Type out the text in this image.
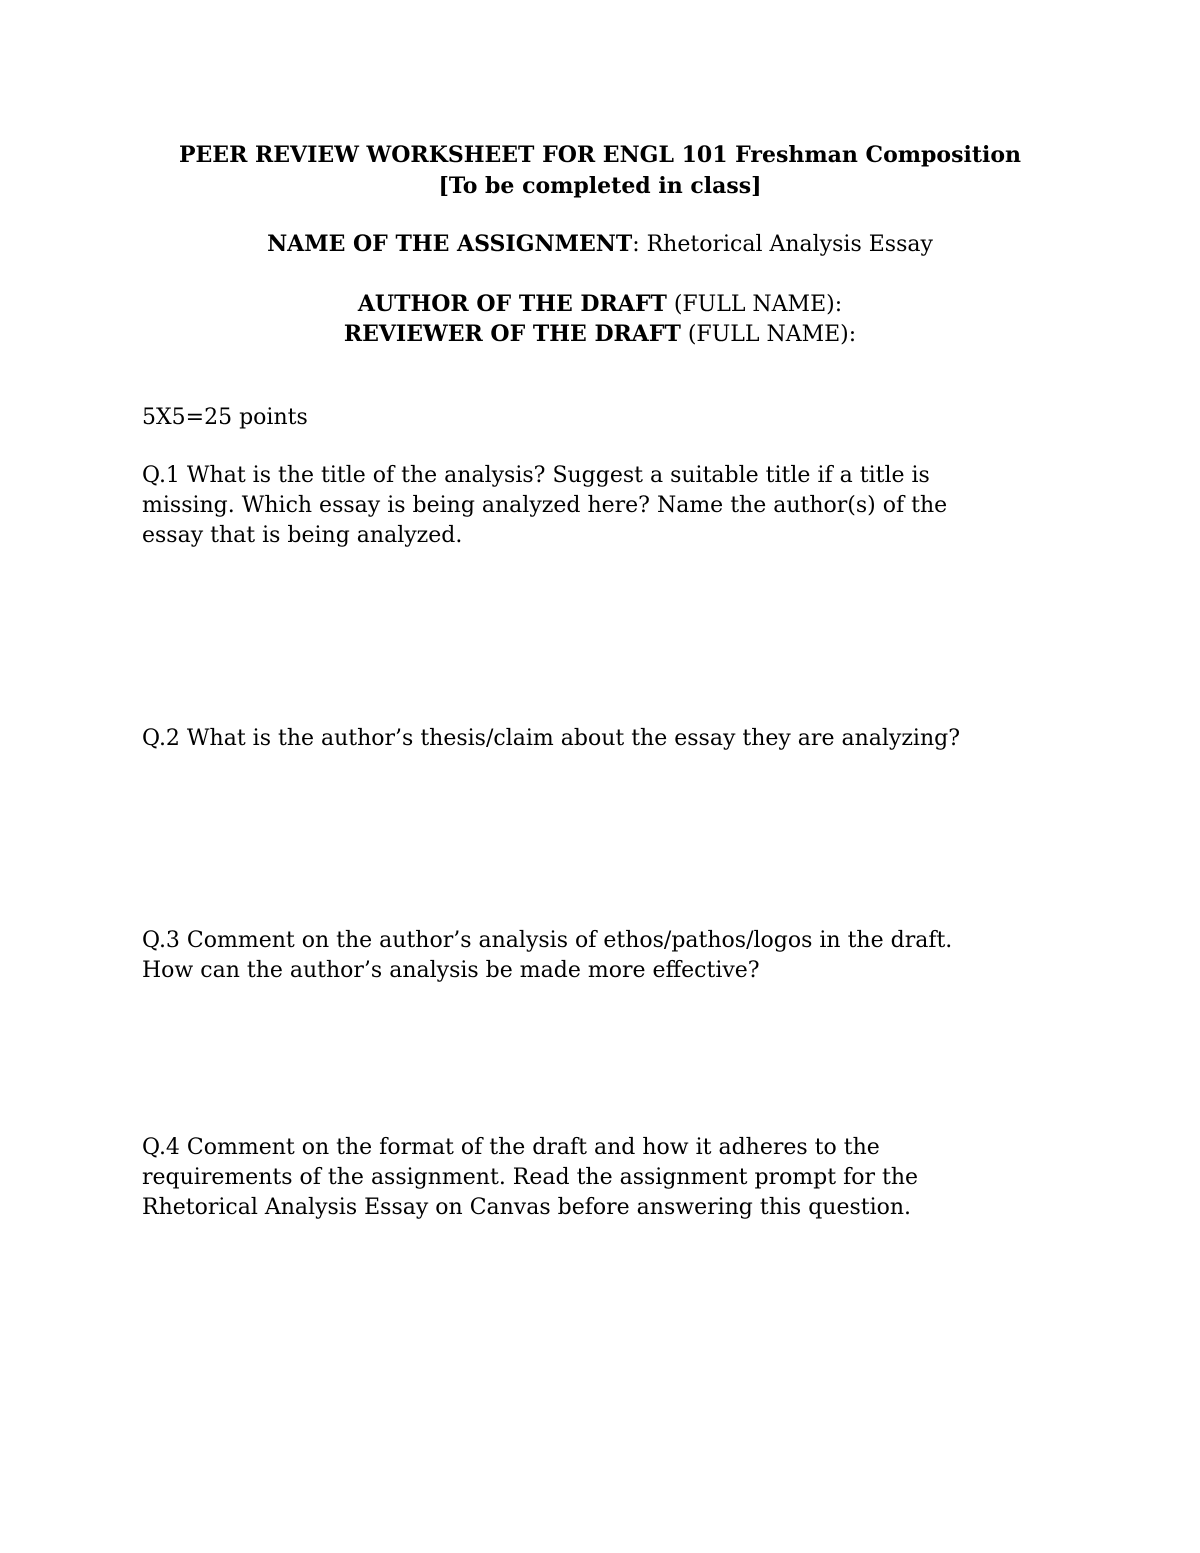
PEER REVIEW WORKSHEET FOR ENGL 101 Freshman Composition
[To be completed in class]
NAME OF THE ASSIGNMENT: Rhetorical Analysis Essay
AUTHOR OF THE DRAFT (FULL NAME):
REVIEWER OF THE DRAFT (FULL NAME):
5X5=25 points
Q.1 What is the title of the analysis? Suggest a suitable title if a title is
missing. Which essay is being analyzed here? Name the author(s) of the
essay that is being analyzed.
Q.2 What is the author’s thesis/claim about the essay they are analyzing?
Q.3 Comment on the author’s analysis of ethos/pathos/logos in the draft.
How can the author’s analysis be made more effective?
Q.4 Comment on the format of the draft and how it adheres to the
requirements of the assignment. Read the assignment prompt for the
Rhetorical Analysis Essay on Canvas before answering this question.
